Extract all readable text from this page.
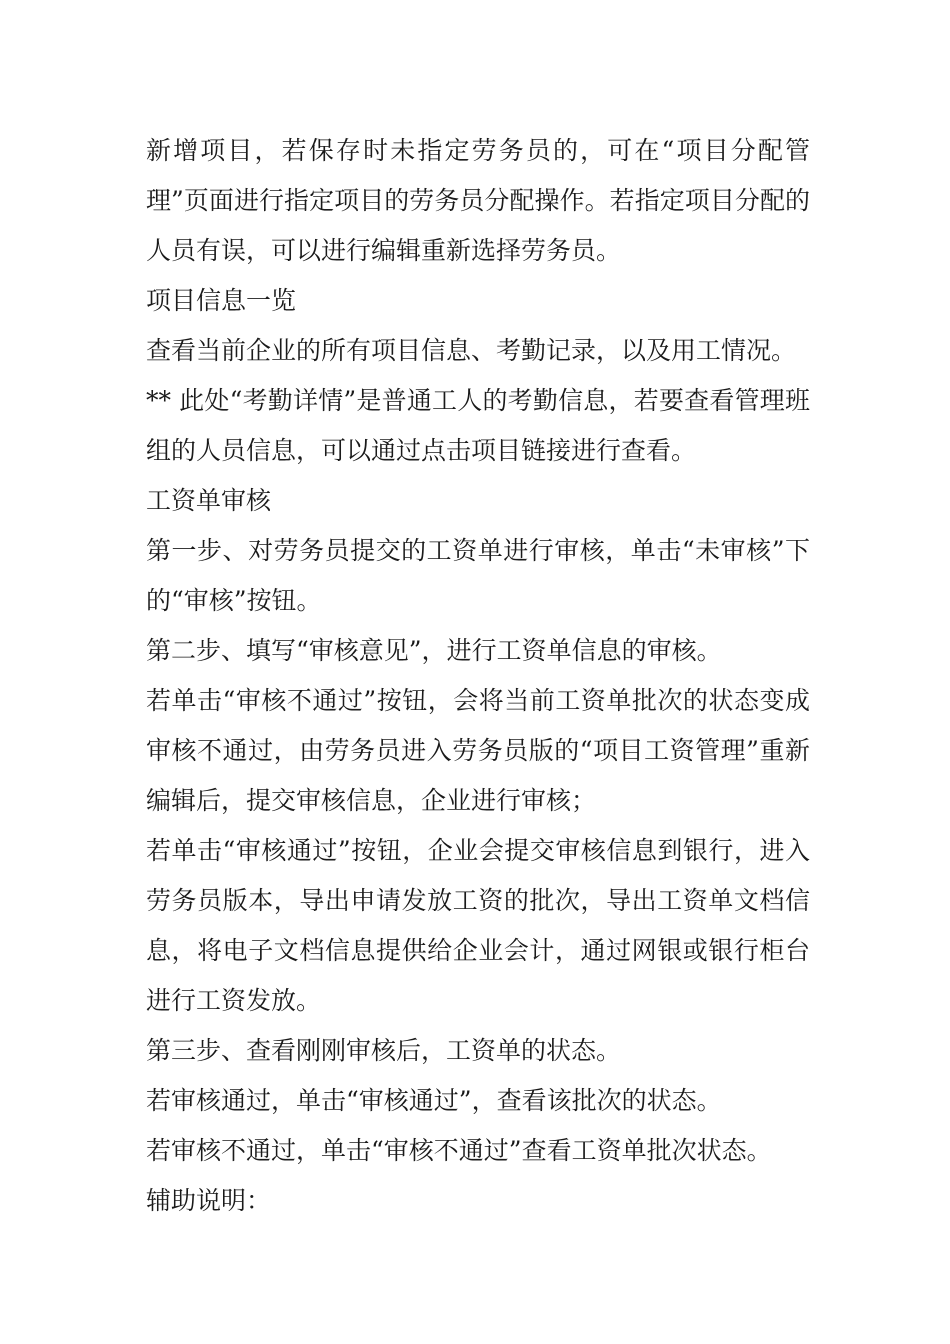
新增项目，若保存时未指定劳务员的，可在“项目分配管理”页面进行指定项目的劳务员分配操作。若指定项目分配的人员有误，可以进行编辑重新选择劳务员。

项目信息一览

查看当前企业的所有项目信息、考勤记录，以及用工情况。

** 此处“考勤详情”是普通工人的考勤信息，若要查看管理班组的人员信息，可以通过点击项目链接进行查看。

工资单审核

第一步、对劳务员提交的工资单进行审核，单击“未审核”下的“审核”按钮。

第二步、填写“审核意见”，进行工资单信息的审核。

若单击“审核不通过”按钮，会将当前工资单批次的状态变成审核不通过，由劳务员进入劳务员版的“项目工资管理”重新编辑后，提交审核信息，企业进行审核；

若单击“审核通过”按钮，企业会提交审核信息到银行，进入劳务员版本，导出申请发放工资的批次，导出工资单文档信息，将电子文档信息提供给企业会计，通过网银或银行柜台进行工资发放。

第三步、查看刚刚审核后，工资单的状态。

若审核通过，单击“审核通过”，查看该批次的状态。

若审核不通过，单击“审核不通过”查看工资单批次状态。

辅助说明：
